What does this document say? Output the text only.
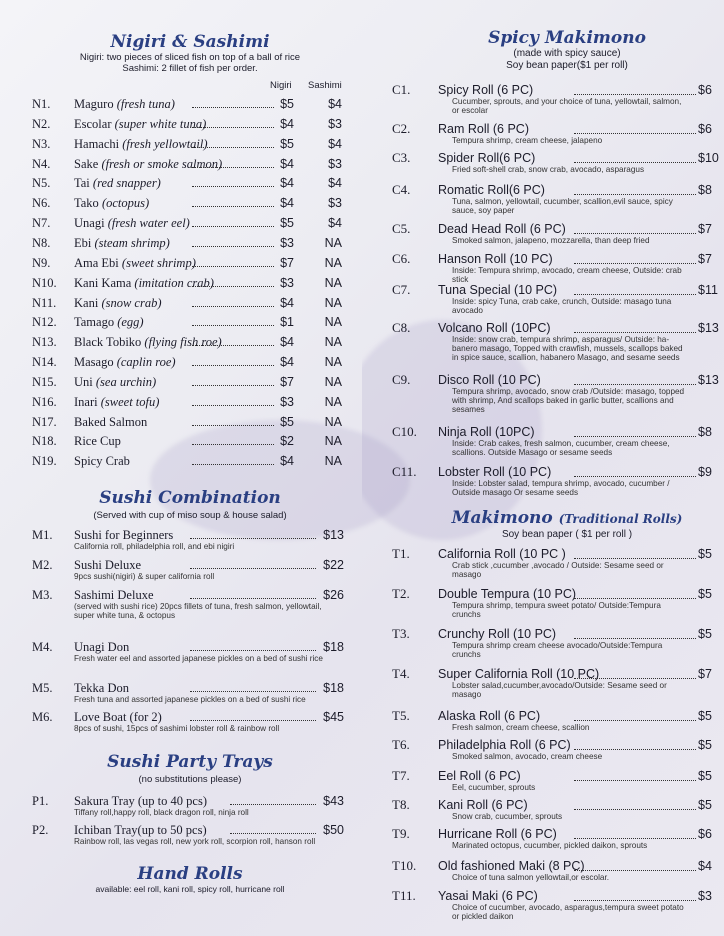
Nigiri & Sashimi
Nigiri: two pieces of sliced fish on top of a ball of rice
Sashimi: 2 fillet of fish per order.
Nigiri Sashimi
N1.	Maguro (fresh tuna)	$5	$4
N2.	Escolar (super white tuna)	$4	$3
N3.	Hamachi (fresh yellowtail)	$5	$4
N4.	Sake (fresh or smoke salmon)	$4	$3
N5.	Tai (red snapper)	$4	$4
N6.	Tako (octopus)	$4	$3
N7.	Unagi (fresh water eel)	$5	$4
N8.	Ebi (steam shrimp)	$3	NA
N9.	Ama Ebi (sweet shrimp)	$7	NA
N10.	Kani Kama (imitation crab)	$3	NA
N11.	Kani (snow crab)	$4	NA
N12.	Tamago (egg)	$1	NA
N13.	Black Tobiko (flying fish roe)	$4	NA
N14.	Masago (caplin roe)	$4	NA
N15.	Uni (sea urchin)	$7	NA
N16.	Inari (sweet tofu)	$3	NA
N17.	Baked Salmon	$5	NA
N18.	Rice Cup	$2	NA
N19.	Spicy Crab	$4	NA
Sushi Combination
(Served with cup of miso soup & house salad)
M1.	Sushi for Beginners	$13
California roll, philadelphia roll, and ebi nigiri
M2.	Sushi Deluxe	$22
9pcs sushi(nigiri) & super california roll
M3.	Sashimi Deluxe	$26
(served with sushi rice) 20pcs fillets of tuna, fresh salmon, yellowtail, super white tuna, & octopus
M4.	Unagi Don	$18
Fresh water eel and assorted japanese pickles on a bed of sushi rice
M5.	Tekka Don	$18
Fresh tuna and assorted japanese pickles on a bed of sushi rice
M6.	Love Boat (for 2)	$45
8pcs of sushi, 15pcs of sashimi lobster roll & rainbow roll
Sushi Party Trays
(no substitutions please)
P1.	Sakura Tray (up to 40 pcs)	$43
Tiffany roll,happy roll, black dragon roll, ninja roll
P2.	Ichiban Tray(up to 50 pcs)	$50
Rainbow roll, las vegas roll, new york roll, scorpion roll, hanson roll
Hand Rolls
available: eel roll, kani roll, spicy roll, hurricane roll
Spicy Makimono
(made with spicy sauce)
Soy bean paper($1 per roll)
C1.	Spicy Roll (6 PC)	$6
Cucumber, sprouts, and your choice of tuna, yellowtail, salmon, or escolar
C2.	Ram Roll (6 PC)	$6
Tempura shrimp, cream cheese, jalapeno
C3.	Spider Roll(6 PC)	$10
Fried soft-shell crab, snow crab, avocado, asparagus
C4.	Romatic Roll(6 PC)	$8
Tuna, salmon, yellowtail, cucumber, scallion,evil sauce, spicy sauce, soy paper
C5.	Dead Head Roll (6 PC)	$7
Smoked salmon, jalapeno, mozzarella, than deep fried
C6.	Hanson Roll (10 PC)	$7
Inside: Tempura shrimp, avocado, cream cheese, Outside: crab stick
C7.	Tuna Special (10 PC)	$11
Inside: spicy Tuna, crab cake, crunch, Outside: masago tuna avocado
C8.	Volcano Roll (10PC)	$13
Inside: snow crab, tempura shrimp, asparagus/ Outside: ha-banero masago, Topped with crawfish, mussels, scallops baked in spice sauce, scallion, habanero Masago, and sesame seeds
C9.	Disco Roll (10 PC)	$13
Tempura shrimp, avocado, snow crab /Outside: masago, topped with shrimp, And scallops baked in garlic butter, scallions and sesames
C10.	Ninja Roll (10PC)	$8
Inside: Crab cakes, fresh salmon, cucumber, cream cheese, scallions. Outside Masago or sesame seeds
C11.	Lobster Roll (10 PC)	$9
Inside: Lobster salad, tempura shrimp, avocado, cucumber / Outside masago Or sesame seeds
Makimono (Traditional Rolls)
Soy bean paper ( $1 per roll )
T1.	California Roll (10 PC )	$5
Crab stick ,cucumber ,avocado / Outside: Sesame seed or masago
T2.	Double Tempura (10 PC)	$5
Tempura shrimp, tempura sweet potato/ Outside:Tempura crunchs
T3.	Crunchy Roll (10 PC)	$5
Tempura shrimp cream cheese avocado/Outside:Tempura crunchs
T4.	Super California Roll (10 PC)	$7
Lobster salad,cucumber,avocado/Outside: Sesame seed or masago
T5.	Alaska Roll (6 PC)	$5
Fresh salmon, cream cheese, scallion
T6.	Philadelphia Roll (6 PC)	$5
Smoked salmon, avocado, cream cheese
T7.	Eel Roll (6 PC)	$5
Eel, cucumber, sprouts
T8.	Kani Roll (6 PC)	$5
Snow crab, cucumber, sprouts
T9.	Hurricane Roll (6 PC)	$6
Marinated octopus, cucumber, pickled daikon, sprouts
T10.	Old fashioned Maki (8 PC)	$4
Choice of tuna salmon yellowtail,or escolar.
T11.	Yasai Maki (6 PC)	$3
Choice of cucumber, avocado, asparagus,tempura sweet potato or pickled daikon
